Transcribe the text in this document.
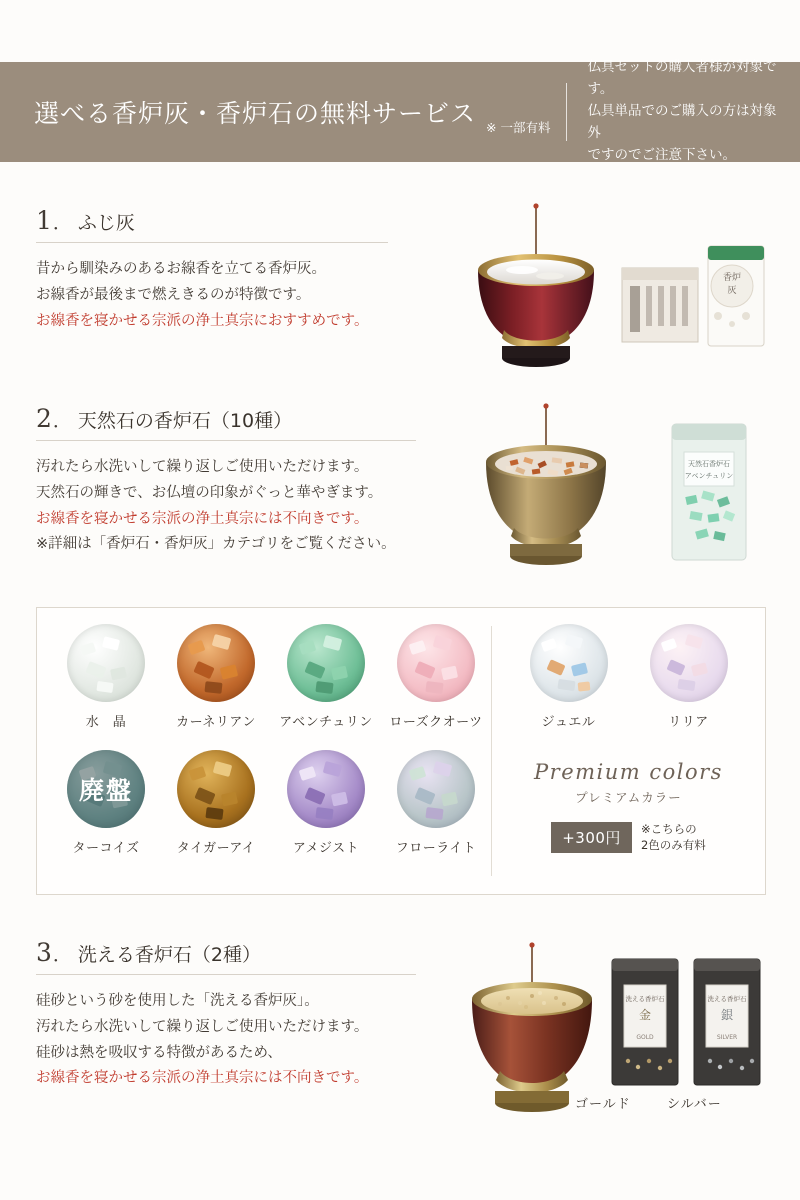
選べる香炉灰・香炉石の無料サービス ※ 一部有料
仏具セットの購入者様が対象です。
仏具単品でのご購入の方は対象外
ですのでご注意下さい。
1 ． ふじ灰
昔から馴染みのあるお線香を立てる香炉灰。
お線香が最後まで燃えきるのが特徴です。
お線香を寝かせる宗派の浄土真宗におすすめです。
香炉
灰
2 ． 天然石の香炉石（10種）
汚れたら水洗いして繰り返しご使用いただけます。
天然石の輝きで、お仏壇の印象がぐっと華やぎます。
お線香を寝かせる宗派の浄土真宗には不向きです。
※詳細は「香炉石・香炉灰」カテゴリをご覧ください。
天然石香炉石
アベンチュリン
水　晶	カーネリアン	アベンチュリン	ローズクオーツ
廃盤
ターコイズ	タイガーアイ	アメジスト	フローライト
ジュエル	リリア
Premium colors
プレミアムカラー
+300円
※こちらの
2色のみ有料
3 ． 洗える香炉石（2種）
硅砂という砂を使用した「洗える香炉灰」。
汚れたら水洗いして繰り返しご使用いただけます。
硅砂は熱を吸収する特徴があるため、
お線香を寝かせる宗派の浄土真宗には不向きです。
洗える香炉石
金
GOLD
洗える香炉石
銀
SILVER
ゴールド	シルバー
